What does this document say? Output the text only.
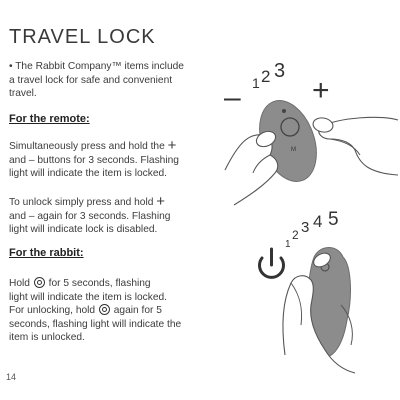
TRAVEL LOCK
• The Rabbit Company™ items include
a travel lock for safe and convenient
travel.
For the remote:
Simultaneously press and hold the +
and – buttons for 3 seconds. Flashing
light will indicate the item is locked.
To unlock simply press and hold +
and – again for 3 seconds. Flashing
light will indicate lock is disabled.
For the rabbit:
Hold for 5 seconds, flashing
light will indicate the item is locked.
For unlocking, hold again for 5
seconds, flashing light will indicate the
item is unlocked.
14
1 2 3
– +
M
1
2 3 4 5
